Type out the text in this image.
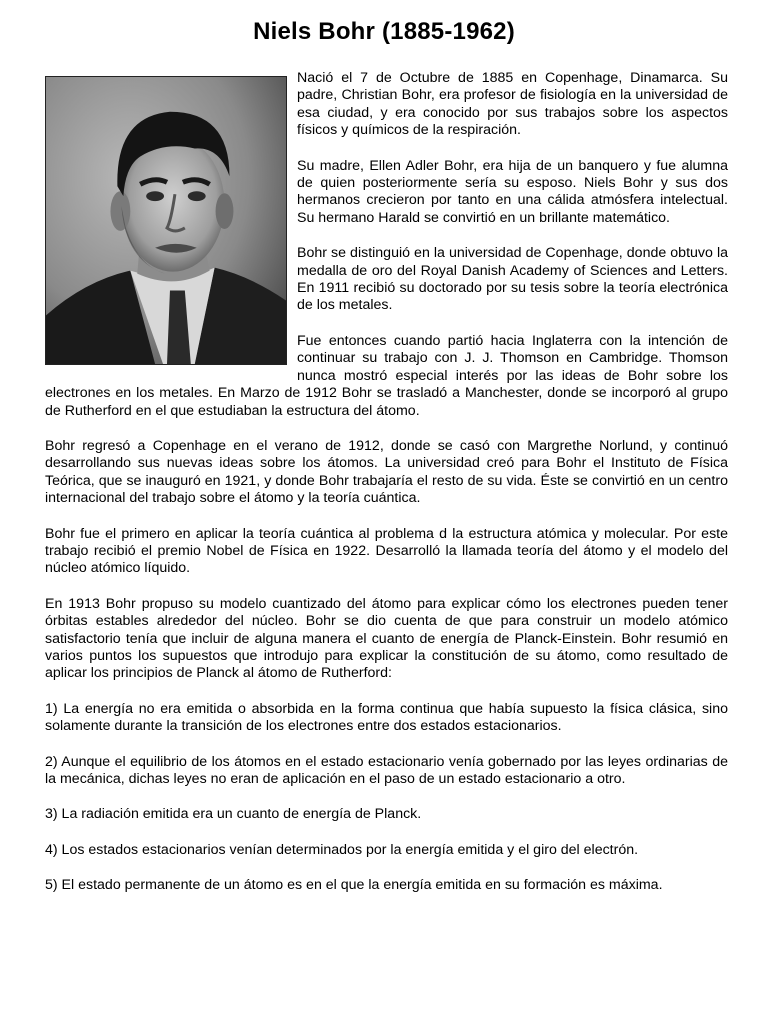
Niels Bohr (1885-1962)

Nació el 7 de Octubre de 1885 en Copenhage, Dinamarca. Su padre, Christian Bohr, era profesor de fisiología en la universidad de esa ciudad, y era conocido por sus trabajos sobre los aspectos físicos y químicos de la respiración.

Su madre, Ellen Adler Bohr, era hija de un banquero y fue alumna de quien posteriormente sería su esposo. Niels Bohr y sus dos hermanos crecieron por tanto en una cálida atmósfera intelectual. Su hermano Harald se convirtió en un brillante matemático.

Bohr se distinguió en la universidad de Copenhage, donde obtuvo la medalla de oro del Royal Danish Academy of Sciences and Letters. En 1911 recibió su doctorado por su tesis sobre la teoría electrónica de los metales.

Fue entonces cuando partió hacia Inglaterra con la intención de continuar su trabajo con J. J. Thomson en Cambridge. Thomson nunca mostró especial interés por las ideas de Bohr sobre los electrones en los metales. En Marzo de 1912 Bohr se trasladó a Manchester, donde se incorporó al grupo de Rutherford en el que estudiaban la estructura del átomo.

Bohr regresó a Copenhage en el verano de 1912, donde se casó con Margrethe Norlund, y continuó desarrollando sus nuevas ideas sobre los átomos. La universidad creó para Bohr el Instituto de Física Teórica, que se inauguró en 1921, y donde Bohr trabajaría el resto de su vida. Éste se convirtió en un centro internacional del trabajo sobre el átomo y la teoría cuántica.

Bohr fue el primero en aplicar la teoría cuántica al problema d la estructura atómica y molecular. Por este trabajo recibió el premio Nobel de Física en 1922. Desarrolló la llamada teoría del átomo y el modelo del núcleo atómico líquido.

En 1913 Bohr propuso su modelo cuantizado del átomo para explicar cómo los electrones pueden tener órbitas estables alrededor del núcleo. Bohr se dio cuenta de que para construir un modelo atómico satisfactorio tenía que incluir de alguna manera el cuanto de energía de Planck-Einstein. Bohr resumió en varios puntos los supuestos que introdujo para explicar la constitución de su átomo, como resultado de aplicar los principios de Planck al átomo de Rutherford:

1) La energía no era emitida o absorbida en la forma continua que había supuesto la física clásica, sino solamente durante la transición de los electrones entre dos estados estacionarios.

2) Aunque el equilibrio de los átomos en el estado estacionario venía gobernado por las leyes ordinarias de la mecánica, dichas leyes no eran de aplicación en el paso de un estado estacionario a otro.

3) La radiación emitida era un cuanto de energía de Planck.

4) Los estados estacionarios venían determinados por la energía emitida y el giro del electrón.

5) El estado permanente de un átomo es en el que la energía emitida en su formación es máxima.
